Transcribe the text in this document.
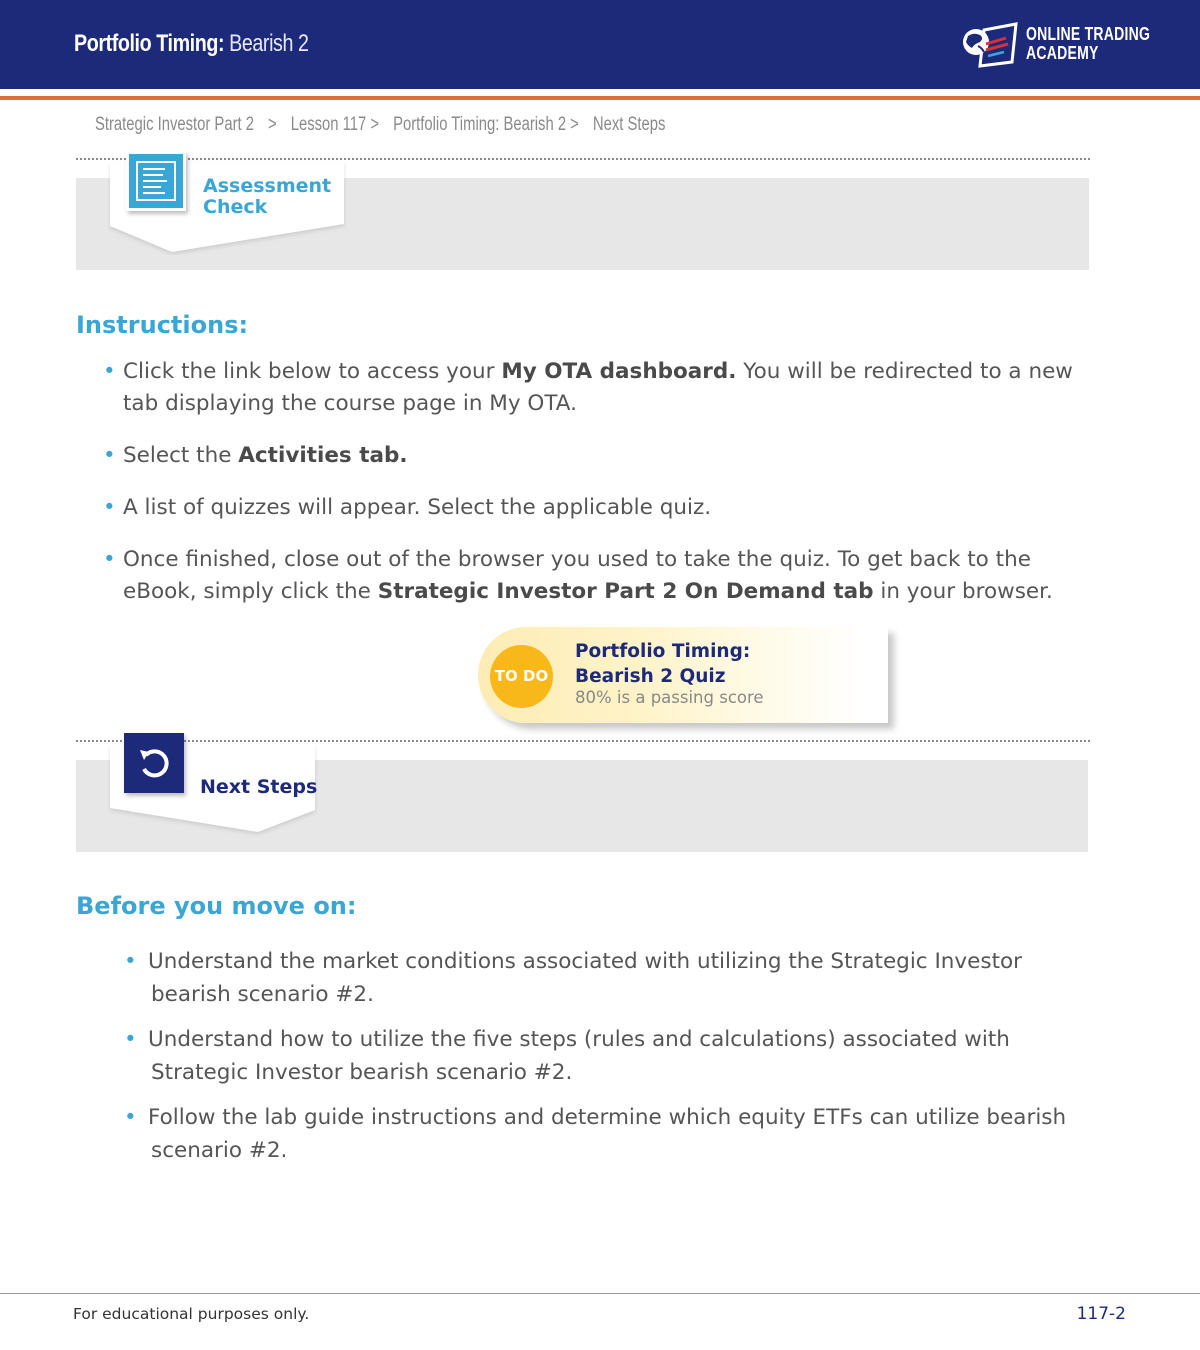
Portfolio Timing: Bearish 2	ONLINE TRADING
ACADEMY
Strategic Investor Part 2 > Lesson 117 > Portfolio Timing: Bearish 2 > Next Steps
Assessment
Check
Instructions:
• Click the link below to access your My OTA dashboard. You will be redirected to a new tab displaying the course page in My OTA.
• Select the Activities tab.
• A list of quizzes will appear. Select the applicable quiz.
• Once finished, close out of the browser you used to take the quiz. To get back to the eBook, simply click the Strategic Investor Part 2 On Demand tab in your browser.
TO DO
Portfolio Timing:
Bearish 2 Quiz
80% is a passing score
Next Steps
Before you move on:
• Understand the market conditions associated with utilizing the Strategic Investor
bearish scenario #2.
• Understand how to utilize the five steps (rules and calculations) associated with
Strategic Investor bearish scenario #2.
• Follow the lab guide instructions and determine which equity ETFs can utilize bearish
scenario #2.
For educational purposes only.	117-2
